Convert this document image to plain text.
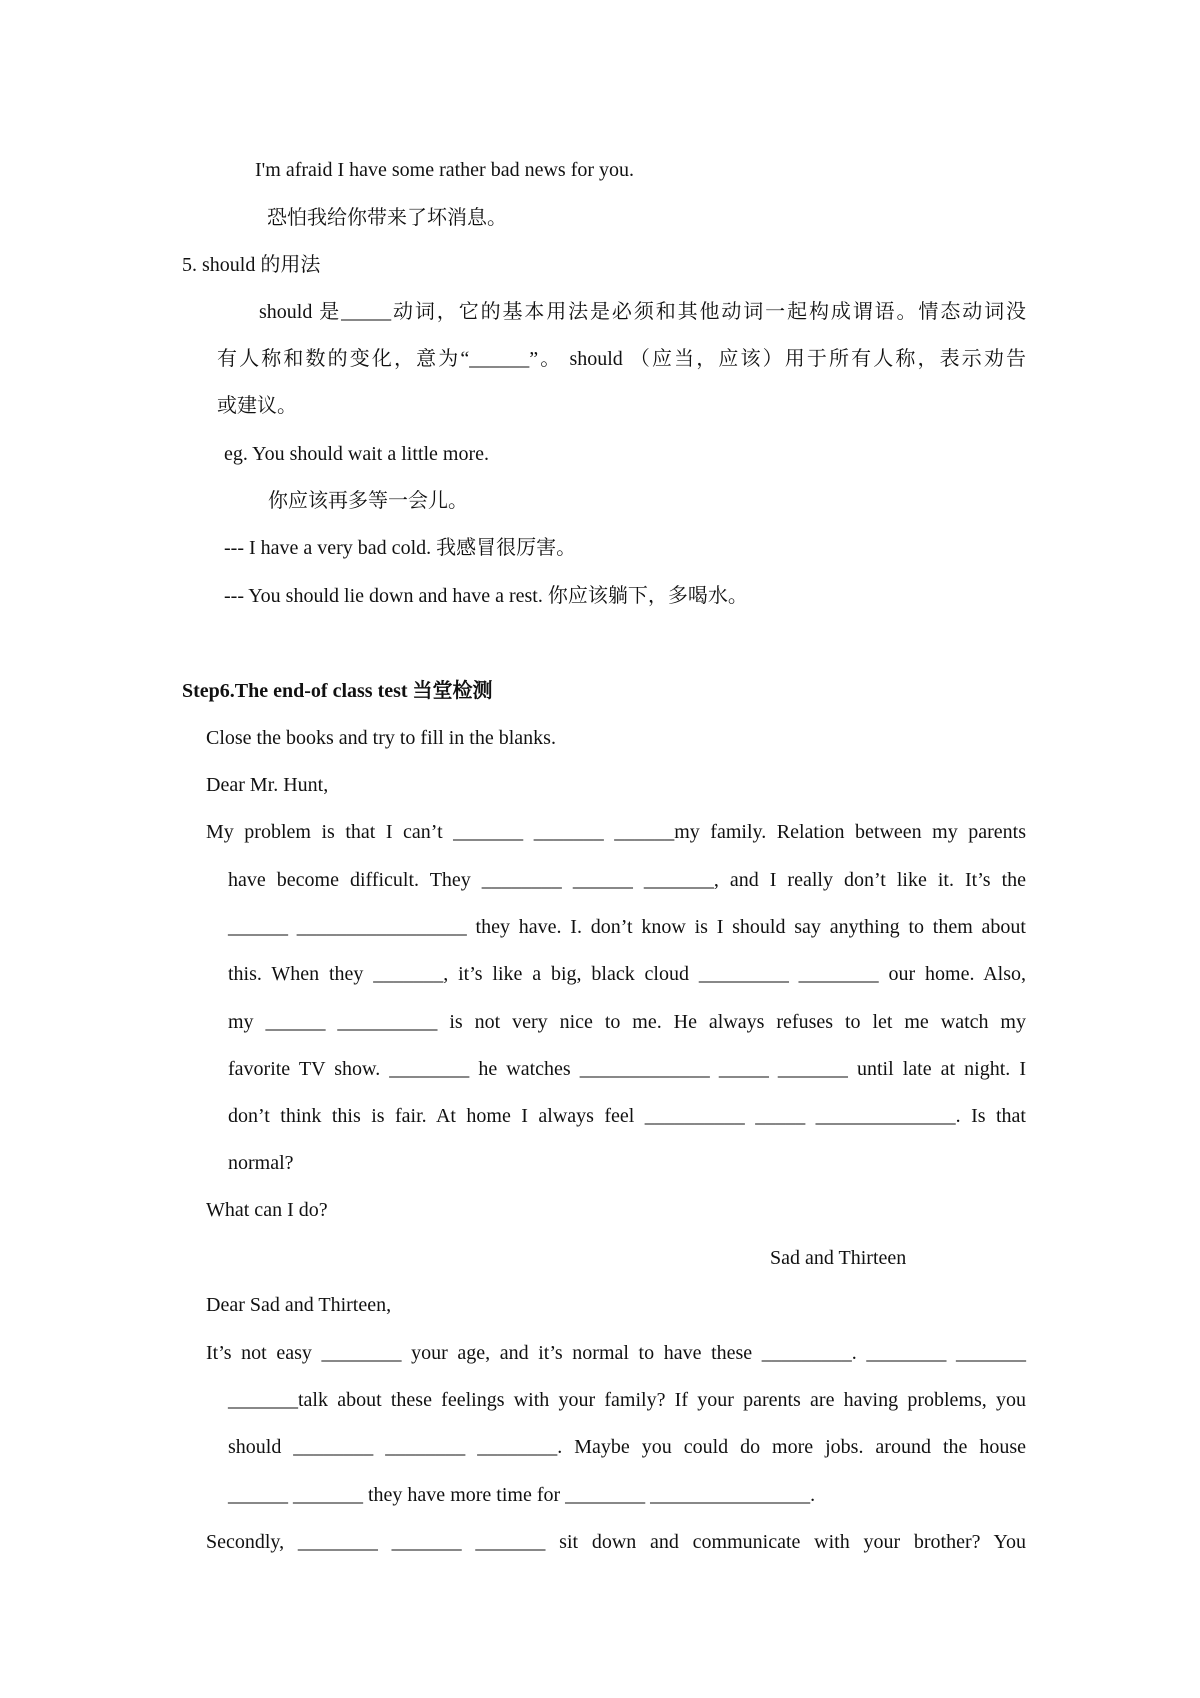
I'm afraid I have some rather bad news for you.
恐怕我给你带来了坏消息。
5. should 的用法
should 是_____动词，它的基本用法是必须和其他动词一起构成谓语。情态动词没
有人称和数的变化，意为“______”。 should （应当，应该）用于所有人称，表示劝告
或建议。
eg. You should wait a little more.
你应该再多等一会儿。
--- I have a very bad cold. 我感冒很厉害。
--- You should lie down and have a rest. 你应该躺下，多喝水。
Step6.The end-of class test 当堂检测
Close the books and try to fill in the blanks.
Dear Mr. Hunt,
My problem is that I can’t _______ _______ ______my family. Relation between my parents
have become difficult. They ________ ______ _______, and I really don’t like it. It’s the
______ _________________ they have. I. don’t know is I should say anything to them about
this. When they _______, it’s like a big, black cloud _________ ________ our home. Also,
my ______ __________ is not very nice to me. He always refuses to let me watch my
favorite TV show. ________ he watches _____________ _____ _______ until late at night. I
don’t think this is fair. At home I always feel __________ _____ ______________. Is that
normal?
What can I do?
Sad and Thirteen
Dear Sad and Thirteen,
It’s not easy ________ your age, and it’s normal to have these _________. ________ _______
_______talk about these feelings with your family? If your parents are having problems, you
should ________ ________ ________. Maybe you could do more jobs. around the house
______ _______ they have more time for ________ ________________.
Secondly, ________ _______ _______ sit down and communicate with your brother? You
